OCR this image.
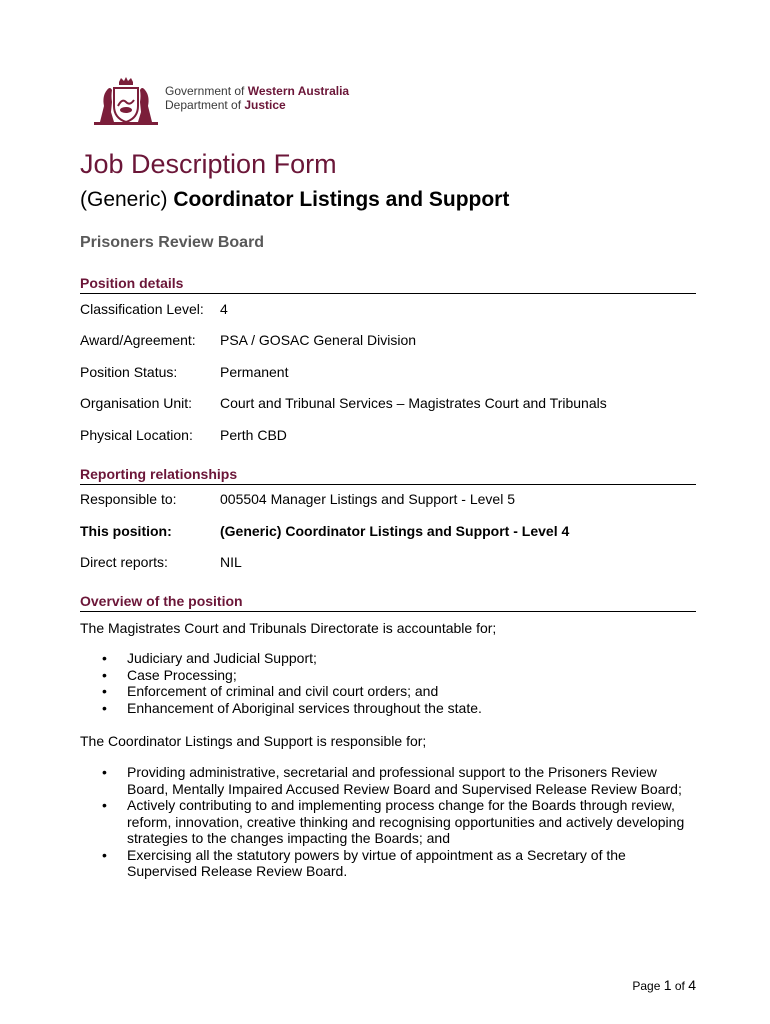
Government of Western Australia
Department of Justice
Job Description Form
(Generic) Coordinator Listings and Support
Prisoners Review Board
Position details
Classification Level: 4
Award/Agreement: PSA / GOSAC General Division
Position Status:	Permanent
Organisation Unit: Court and Tribunal Services – Magistrates Court and Tribunals
Physical Location: Perth CBD
Reporting relationships
Responsible to:	005504 Manager Listings and Support - Level 5
This position:	(Generic) Coordinator Listings and Support - Level 4
Direct reports:	NIL
Overview of the position
The Magistrates Court and Tribunals Directorate is accountable for;
• Judiciary and Judicial Support;
• Case Processing;
• Enforcement of criminal and civil court orders; and
• Enhancement of Aboriginal services throughout the state.
The Coordinator Listings and Support is responsible for;
• Providing administrative, secretarial and professional support to the Prisoners Review Board, Mentally Impaired Accused Review Board and Supervised Release Review Board;
• Actively contributing to and implementing process change for the Boards through review, reform, innovation, creative thinking and recognising opportunities and actively developing strategies to the changes impacting the Boards; and
• Exercising all the statutory powers by virtue of appointment as a Secretary of the Supervised Release Review Board.
Page 1 of 4
